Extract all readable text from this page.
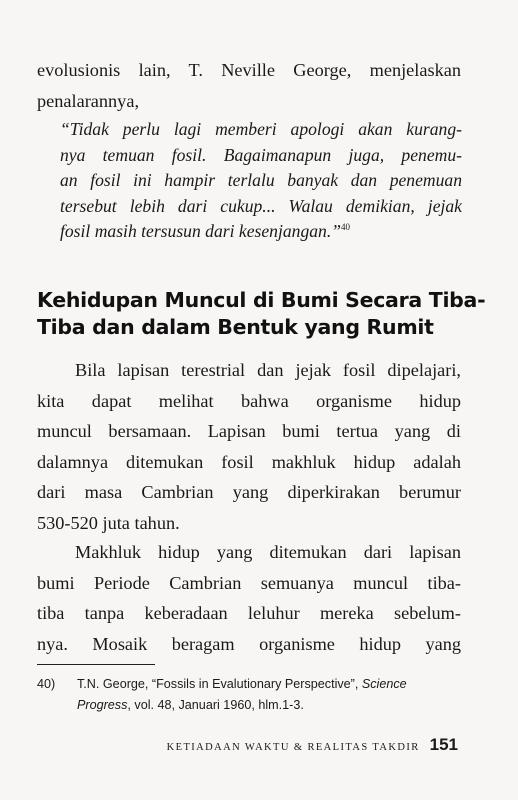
evolusionis lain, T. Neville George, menjelaskan
penalarannya,

“Tidak perlu lagi memberi apologi akan kurang-
nya temuan fosil. Bagaimanapun juga, penemu-
an fosil ini hampir terlalu banyak dan penemuan
tersebut lebih dari cukup... Walau demikian, jejak
fosil masih tersusun dari kesenjangan.”$^{40}$
Kehidupan Muncul di Bumi Secara Tiba-
Tiba dan dalam Bentuk yang Rumit

Bila lapisan terestrial dan jejak fosil dipelajari,
kita dapat melihat bahwa organisme hidup
muncul bersamaan. Lapisan bumi tertua yang di
dalamnya ditemukan fosil makhluk hidup adalah
dari masa Cambrian yang diperkirakan berumur
530-520 juta tahun.

Makhluk hidup yang ditemukan dari lapisan
bumi Periode Cambrian semuanya muncul tiba-
tiba tanpa keberadaan leluhur mereka sebelum-
nya. Mosaik beragam organisme hidup yang

40) T.N. George, “Fossils in Evalutionary Perspective”, Science
Progress, vol. 48, Januari 1960, hlm.1-3.
KETIADAAN WAKTU & REALITAS TAKDIR 151
